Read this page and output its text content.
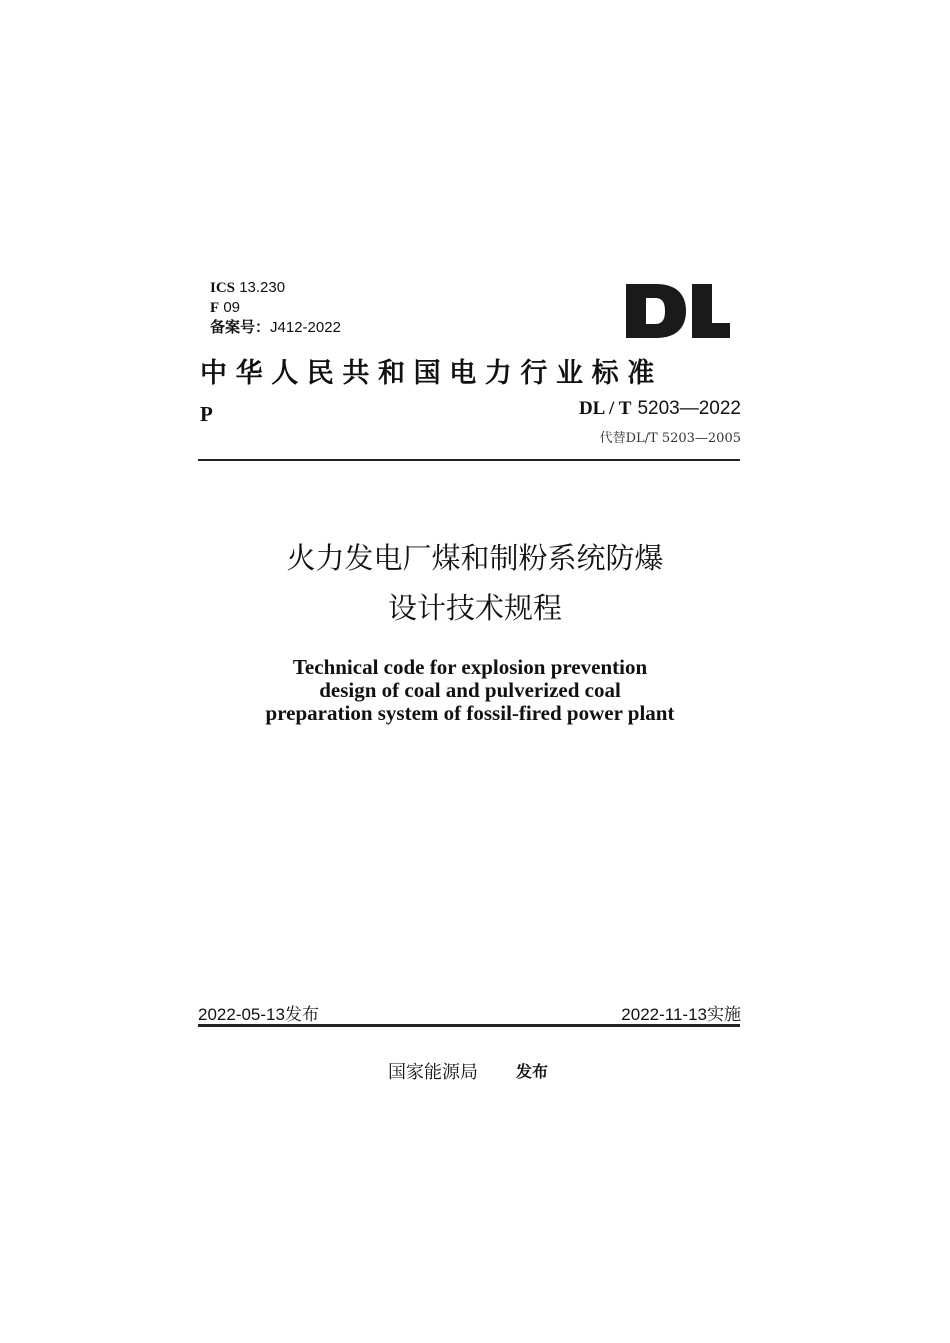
ICS 13.230
F 09
备案号：J412-2022
中华人民共和国电力行业标准
P	DL / T 5203—2022
代替DL/T 5203—2005
火力发电厂煤和制粉系统防爆
设计技术规程
Technical code for explosion prevention
design of coal and pulverized coal
preparation system of fossil-fired power plant
2022-05-13发布	2022-11-13实施
国家能源局 发布
